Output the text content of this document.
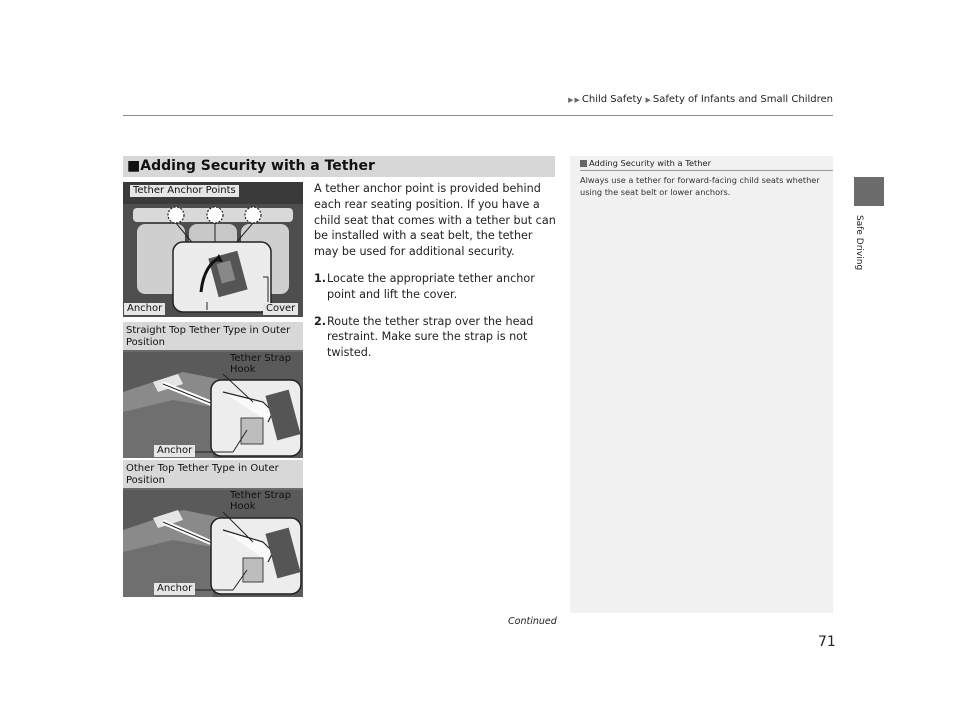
▶▶ Child Safety ▶ Safety of Infants and Small Children
Safe Driving
■Adding Security with a Tether
Tether Anchor Points
Anchor	Cover
Straight Top Tether Type in Outer Position
Tether Strap Hook
Anchor
Other Top Tether Type in Outer Position
Tether Strap Hook
Anchor

A tether anchor point is provided behind each rear seating position. If you have a child seat that comes with a tether but can be installed with a seat belt, the tether may be used for additional security.

1. Locate the appropriate tether anchor point and lift the cover.
2. Route the tether strap over the head restraint. Make sure the strap is not twisted.
Adding Security with a Tether
Always use a tether for forward-facing child seats whether using the seat belt or lower anchors.
Continued
71
